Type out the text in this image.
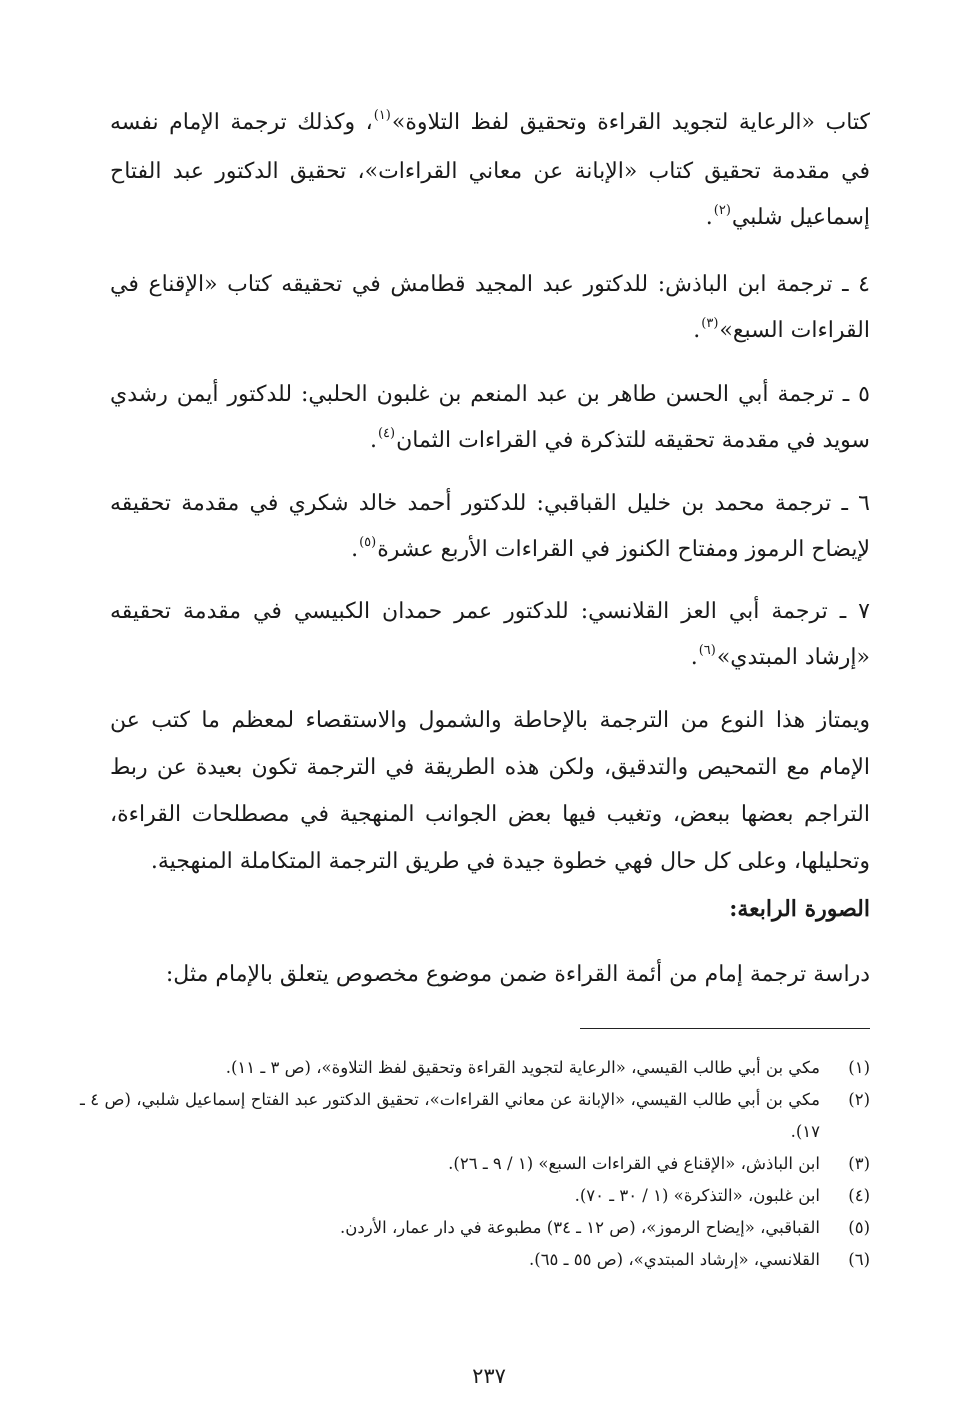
كتاب «الرعاية لتجويد القراءة وتحقيق لفظ التلاوة»$^{(١)}$، وكذلك ترجمة الإمام نفسه في مقدمة تحقيق كتاب «الإبانة عن معاني القراءات»، تحقيق الدكتور عبد الفتاح إسماعيل شلبي$^{(٢)}$.

٤ ـ ترجمة ابن الباذش: للدكتور عبد المجيد قطامش في تحقيقه كتاب «الإقناع في القراءات السبع»$^{(٣)}$.

٥ ـ ترجمة أبي الحسن طاهر بن عبد المنعم بن غلبون الحلبي: للدكتور أيمن رشدي سويد في مقدمة تحقيقه للتذكرة في القراءات الثمان$^{(٤)}$.

٦ ـ ترجمة محمد بن خليل القباقبي: للدكتور أحمد خالد شكري في مقدمة تحقيقه لإيضاح الرموز ومفتاح الكنوز في القراءات الأربع عشرة$^{(٥)}$.

٧ ـ ترجمة أبي العز القلانسي: للدكتور عمر حمدان الكبيسي في مقدمة تحقيقه «إرشاد المبتدي»$^{(٦)}$.

ويمتاز هذا النوع من الترجمة بالإحاطة والشمول والاستقصاء لمعظم ما كتب عن الإمام مع التمحيص والتدقيق، ولكن هذه الطريقة في الترجمة تكون بعيدة عن ربط التراجم بعضها ببعض، وتغيب فيها بعض الجوانب المنهجية في مصطلحات القراءة، وتحليلها، وعلى كل حال فهي خطوة جيدة في طريق الترجمة المتكاملة المنهجية.

الصورة الرابعة:

دراسة ترجمة إمام من أئمة القراءة ضمن موضوع مخصوص يتعلق بالإمام مثل:

(١)
مكي بن أبي طالب القيسي، «الرعاية لتجويد القراءة وتحقيق لفظ التلاوة»، (ص ٣ ـ ١١).
(٢)
مكي بن أبي طالب القيسي، «الإبانة عن معاني القراءات»، تحقيق الدكتور عبد الفتاح إسماعيل شلبي، (ص ٤ ـ ١٧).
(٣)
ابن الباذش، «الإقناع في القراءات السبع» (١ / ٩ ـ ٢٦).
(٤)
ابن غلبون، «التذكرة» (١ / ٣٠ ـ ٧٠).
(٥)
القباقبي، «إيضاح الرموز»، (ص ١٢ ـ ٣٤) مطبوعة في دار عمار، الأردن.
(٦)
القلانسي، «إرشاد المبتدي»، (ص ٥٥ ـ ٦٥).
٢٣٧
